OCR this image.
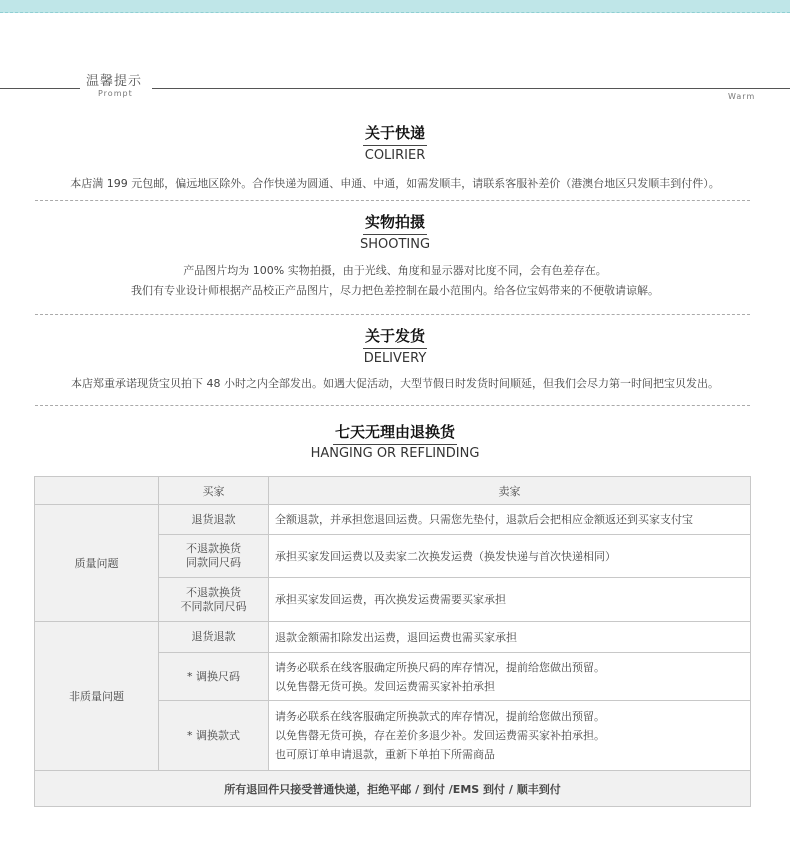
温馨提示
Prompt	Warm
关于快递
COLIRIER
本店满 199 元包邮，偏远地区除外。合作快递为圆通、申通、中通，如需发顺丰，请联系客服补差价（港澳台地区只发顺丰到付件）。
实物拍摄
SHOOTING
产品图片均为 100% 实物拍摄，由于光线、角度和显示器对比度不同，会有色差存在。
我们有专业设计师根据产品校正产品图片，尽力把色差控制在最小范围内。给各位宝妈带来的不便敬请谅解。
关于发货
DELIVERY
本店郑重承诺现货宝贝拍下 48 小时之内全部发出。如遇大促活动，大型节假日时发货时间顺延，但我们会尽力第一时间把宝贝发出。
七天无理由退换货
HANGING OR REFLINDING
	买家	卖家
质量问题	退货退款	全额退款，并承担您退回运费。只需您先垫付，退款后会把相应金额返还到买家支付宝

	不退款换货
同款同尺码	承担买家发回运费以及卖家二次换发运费（换发快递与首次快递相同）

	不退款换货
不同款同尺码	承担买家发回运费，再次换发运费需要买家承担

非质量问题	退货退款	退款金额需扣除发出运费，退回运费也需买家承担

	* 调换尺码	请务必联系在线客服确定所换尺码的库存情况，提前给您做出预留。
以免售罄无货可换。发回运费需买家补拍承担

	* 调换款式	请务必联系在线客服确定所换款式的库存情况，提前给您做出预留。
以免售罄无货可换，存在差价多退少补。发回运费需买家补拍承担。
也可原订单申请退款，重新下单拍下所需商品

所有退回件只接受普通快递，拒绝平邮 / 到付 /EMS 到付 / 顺丰到付		
